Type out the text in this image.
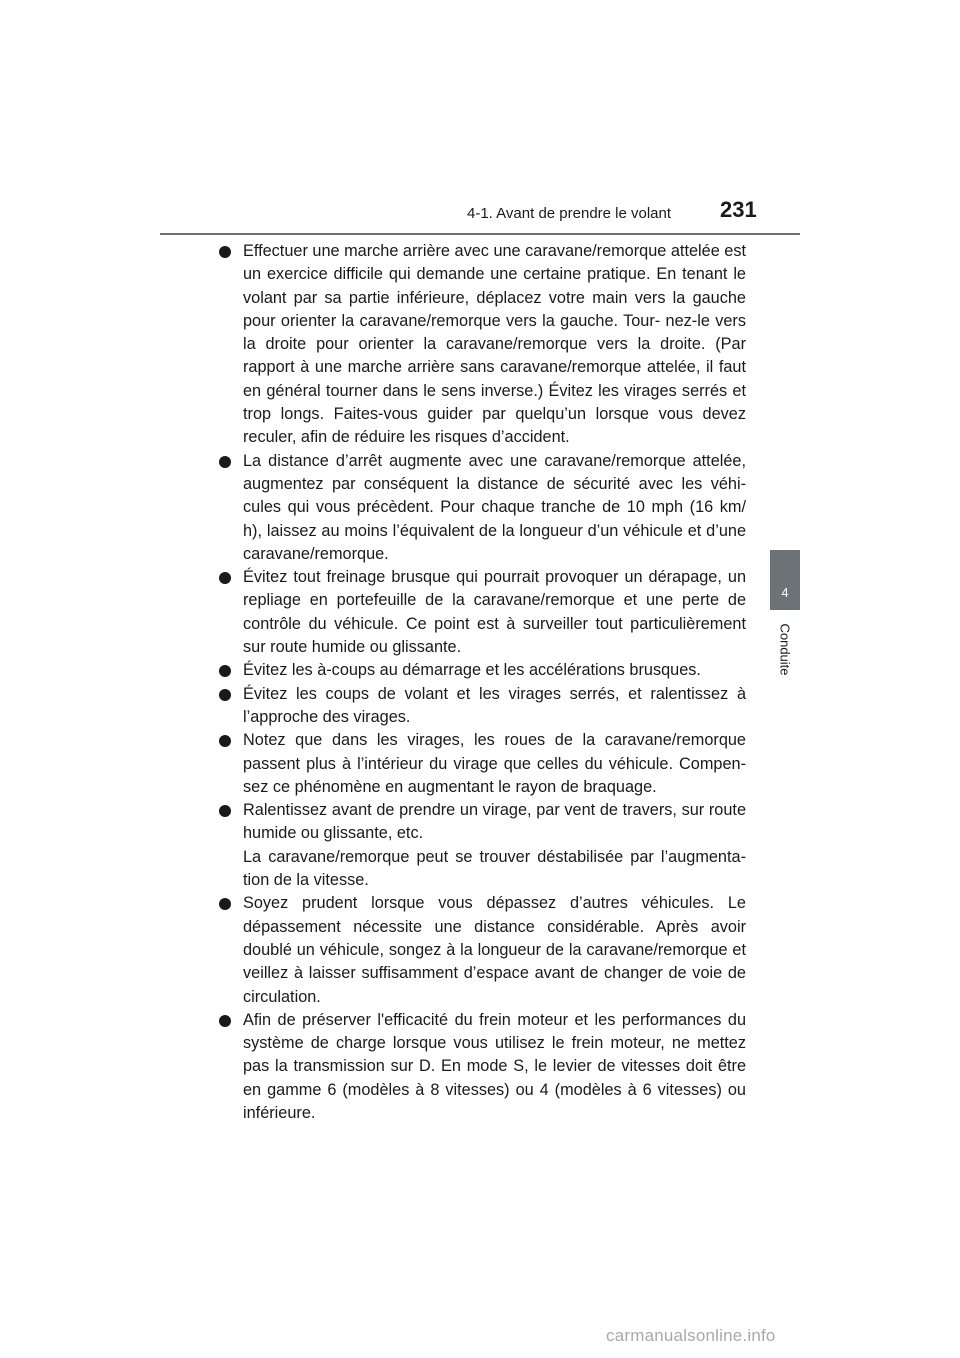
4-1. Avant de prendre le volant 231
4
Conduite
Effectuer une marche arrière avec une caravane/remorque attelée est un exercice difficile qui demande une certaine pratique. En tenant le volant par sa partie inférieure, déplacez votre main vers la gauche pour orienter la caravane/remorque vers la gauche. Tour- nez-le vers la droite pour orienter la caravane/remorque vers la droite. (Par rapport à une marche arrière sans caravane/remorque attelée, il faut en général tourner dans le sens inverse.) Évitez les virages serrés et trop longs. Faites-vous guider par quelqu’un lorsque vous devez reculer, afin de réduire les risques d’accident.
La distance d’arrêt augmente avec une caravane/remorque attelée, augmentez par conséquent la distance de sécurité avec les véhi- cules qui vous précèdent. Pour chaque tranche de 10 mph (16 km/ h), laissez au moins l’équivalent de la longueur d’un véhicule et d’une caravane/remorque.
Évitez tout freinage brusque qui pourrait provoquer un dérapage, un repliage en portefeuille de la caravane/remorque et une perte de contrôle du véhicule. Ce point est à surveiller tout particulièrement sur route humide ou glissante.
Évitez les à-coups au démarrage et les accélérations brusques.
Évitez les coups de volant et les virages serrés, et ralentissez à l’approche des virages.
Notez que dans les virages, les roues de la caravane/remorque passent plus à l’intérieur du virage que celles du véhicule. Compen- sez ce phénomène en augmentant le rayon de braquage.
Ralentissez avant de prendre un virage, par vent de travers, sur route humide ou glissante, etc.
La caravane/remorque peut se trouver déstabilisée par l’augmenta- tion de la vitesse.
Soyez prudent lorsque vous dépassez d’autres véhicules. Le dépassement nécessite une distance considérable. Après avoir doublé un véhicule, songez à la longueur de la caravane/remorque et veillez à laisser suffisamment d’espace avant de changer de voie de circulation.
Afin de préserver l'efficacité du frein moteur et les performances du système de charge lorsque vous utilisez le frein moteur, ne mettez pas la transmission sur D. En mode S, le levier de vitesses doit être en gamme 6 (modèles à 8 vitesses) ou 4 (modèles à 6 vitesses) ou inférieure.
carmanualsonline.info
